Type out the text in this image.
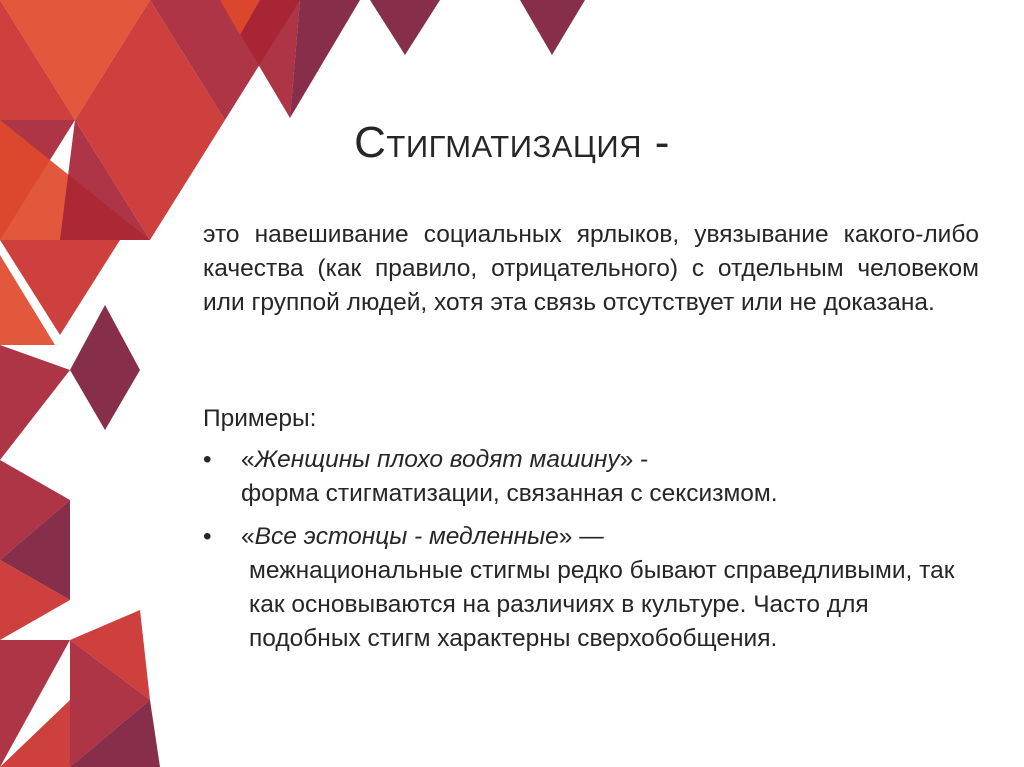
Стигматизация -
это навешивание социальных ярлыков, увязывание какого-либо качества (как правило, отрицательного) с отдельным человеком или группой людей, хотя эта связь отсутствует или не доказана.
Примеры:
•	«Женщины плохо водят машину» -
форма стигматизации, связанная с сексизмом.
•	«Все эстонцы - медленные» —
межнациональные стигмы редко бывают справедливыми, так как основываются на различиях в культуре. Часто для подобных стигм характерны сверхобобщения.
